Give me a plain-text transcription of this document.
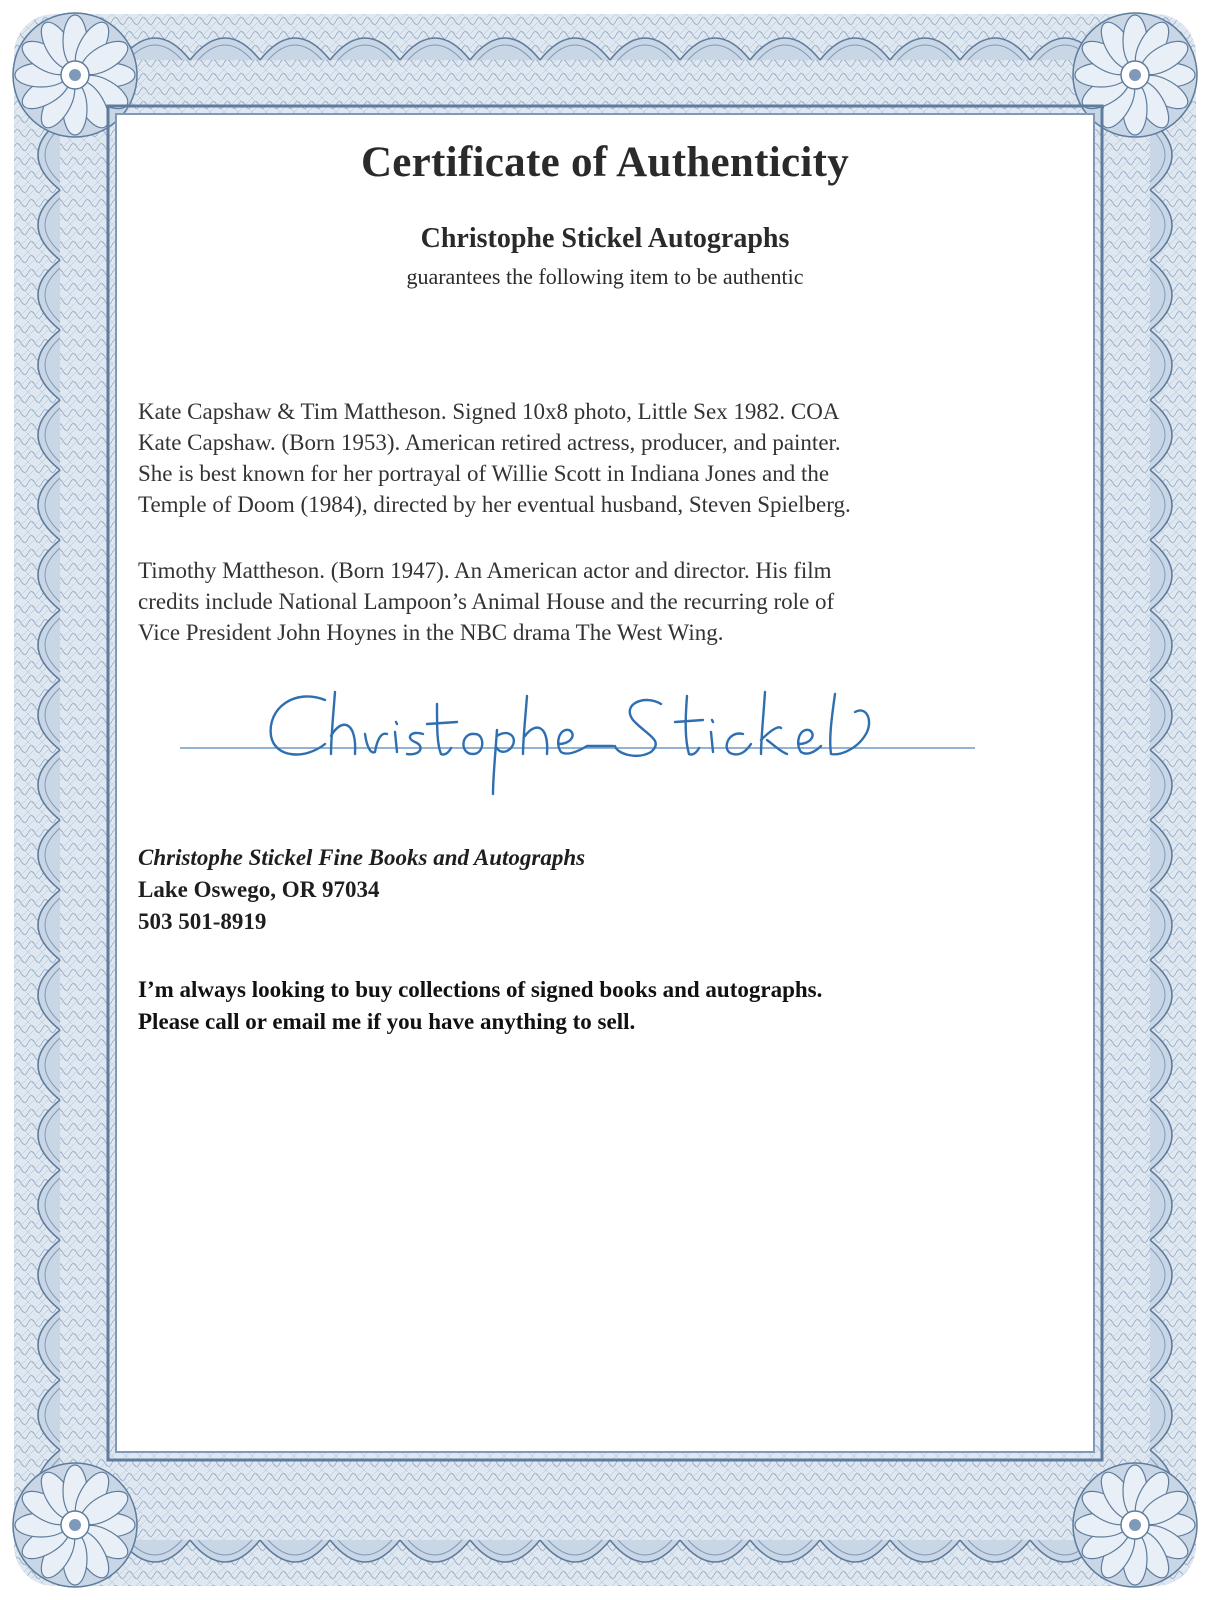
Certificate of Authenticity
Christophe Stickel Autographs
guarantees the following item to be authentic

Kate Capshaw & Tim Mattheson. Signed 10x8 photo, Little Sex 1982. COA

Kate Capshaw. (Born 1953). American retired actress, producer, and painter.

She is best known for her portrayal of Willie Scott in Indiana Jones and the

Temple of Doom (1984), directed by her eventual husband, Steven Spielberg.

Timothy Mattheson. (Born 1947). An American actor and director. His film

credits include National Lampoon’s Animal House and the recurring role of

Vice President John Hoynes in the NBC drama The West Wing.

Christophe Stickel Fine Books and Autographs
Lake Oswego, OR 97034
503 501-8919
I’m always looking to buy collections of signed books and autographs.
Please call or email me if you have anything to sell.
